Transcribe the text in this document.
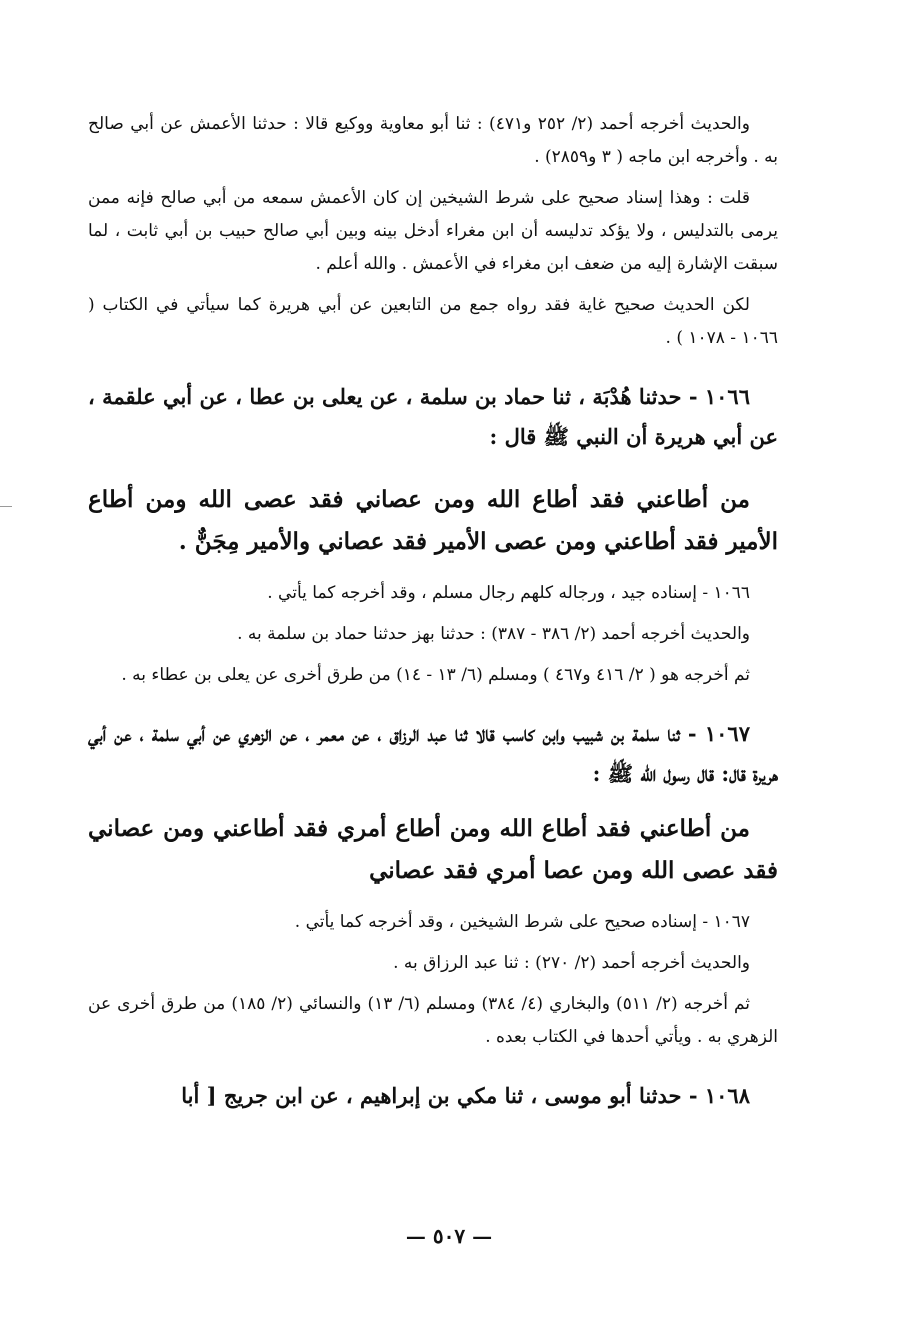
والحديث أخرجه أحمد (٢/ ٢٥٢ و٤٧١) : ثنا أبو معاوية ووكيع قالا : حدثنا الأعمش عن أبي صالح به . وأخرجه ابن ماجه ( ٣ و٢٨٥٩) .

قلت : وهذا إسناد صحيح على شرط الشيخين إن كان الأعمش سمعه من أبي صالح فإنه ممن يرمى بالتدليس ، ولا يؤكد تدليسه أن ابن مغراء أدخل بينه وبين أبي صالح حبيب بن أبي ثابت ، لما سبقت الإشارة إليه من ضعف ابن مغراء في الأعمش . والله أعلم .

لكن الحديث صحيح غاية فقد رواه جمع من التابعين عن أبي هريرة كما سيأتي في الكتاب ( ١٠٦٦ - ١٠٧٨ ) .

١٠٦٦ - حدثنا هُدْبَة ، ثنا حماد بن سلمة ، عن يعلى بن عطا ، عن أبي علقمة ، عن أبي هريرة أن النبي ﷺ قال :

من أطاعني فقد أطاع الله ومن عصاني فقد عصى الله ومن أطاع الأمير فقد أطاعني ومن عصى الأمير فقد عصاني والأمير مِجَنٌّ .

١٠٦٦ - إسناده جيد ، ورجاله كلهم رجال مسلم ، وقد أخرجه كما يأتي .

والحديث أخرجه أحمد (٢/ ٣٨٦ - ٣٨٧) : حدثنا بهز حدثنا حماد بن سلمة به .

ثم أخرجه هو ( ٢/ ٤١٦ و٤٦٧ ) ومسلم (٦/ ١٣ - ١٤) من طرق أخرى عن يعلى بن عطاء به .

١٠٦٧ - ثنا سلمة بن شبيب وابن كاسب قالا ثنا عبد الرزاق ، عن معمر ، عن الزهري عن أبي سلمة ، عن أبي هريرة قال: قال رسول الله ﷺ :

من أطاعني فقد أطاع الله ومن أطاع أمري فقد أطاعني ومن عصاني فقد عصى الله ومن عصا أمري فقد عصاني

١٠٦٧ - إسناده صحيح على شرط الشيخين ، وقد أخرجه كما يأتي .

والحديث أخرجه أحمد (٢/ ٢٧٠) : ثنا عبد الرزاق به .

ثم أخرجه (٢/ ٥١١) والبخاري (٤/ ٣٨٤) ومسلم (٦/ ١٣) والنسائي (٢/ ١٨٥) من طرق أخرى عن الزهري به . ويأتي أحدها في الكتاب بعده .

١٠٦٨ - حدثنا أبو موسى ، ثنا مكي بن إبراهيم ، عن ابن جريج [ أبا

— ٥٠٧ —
